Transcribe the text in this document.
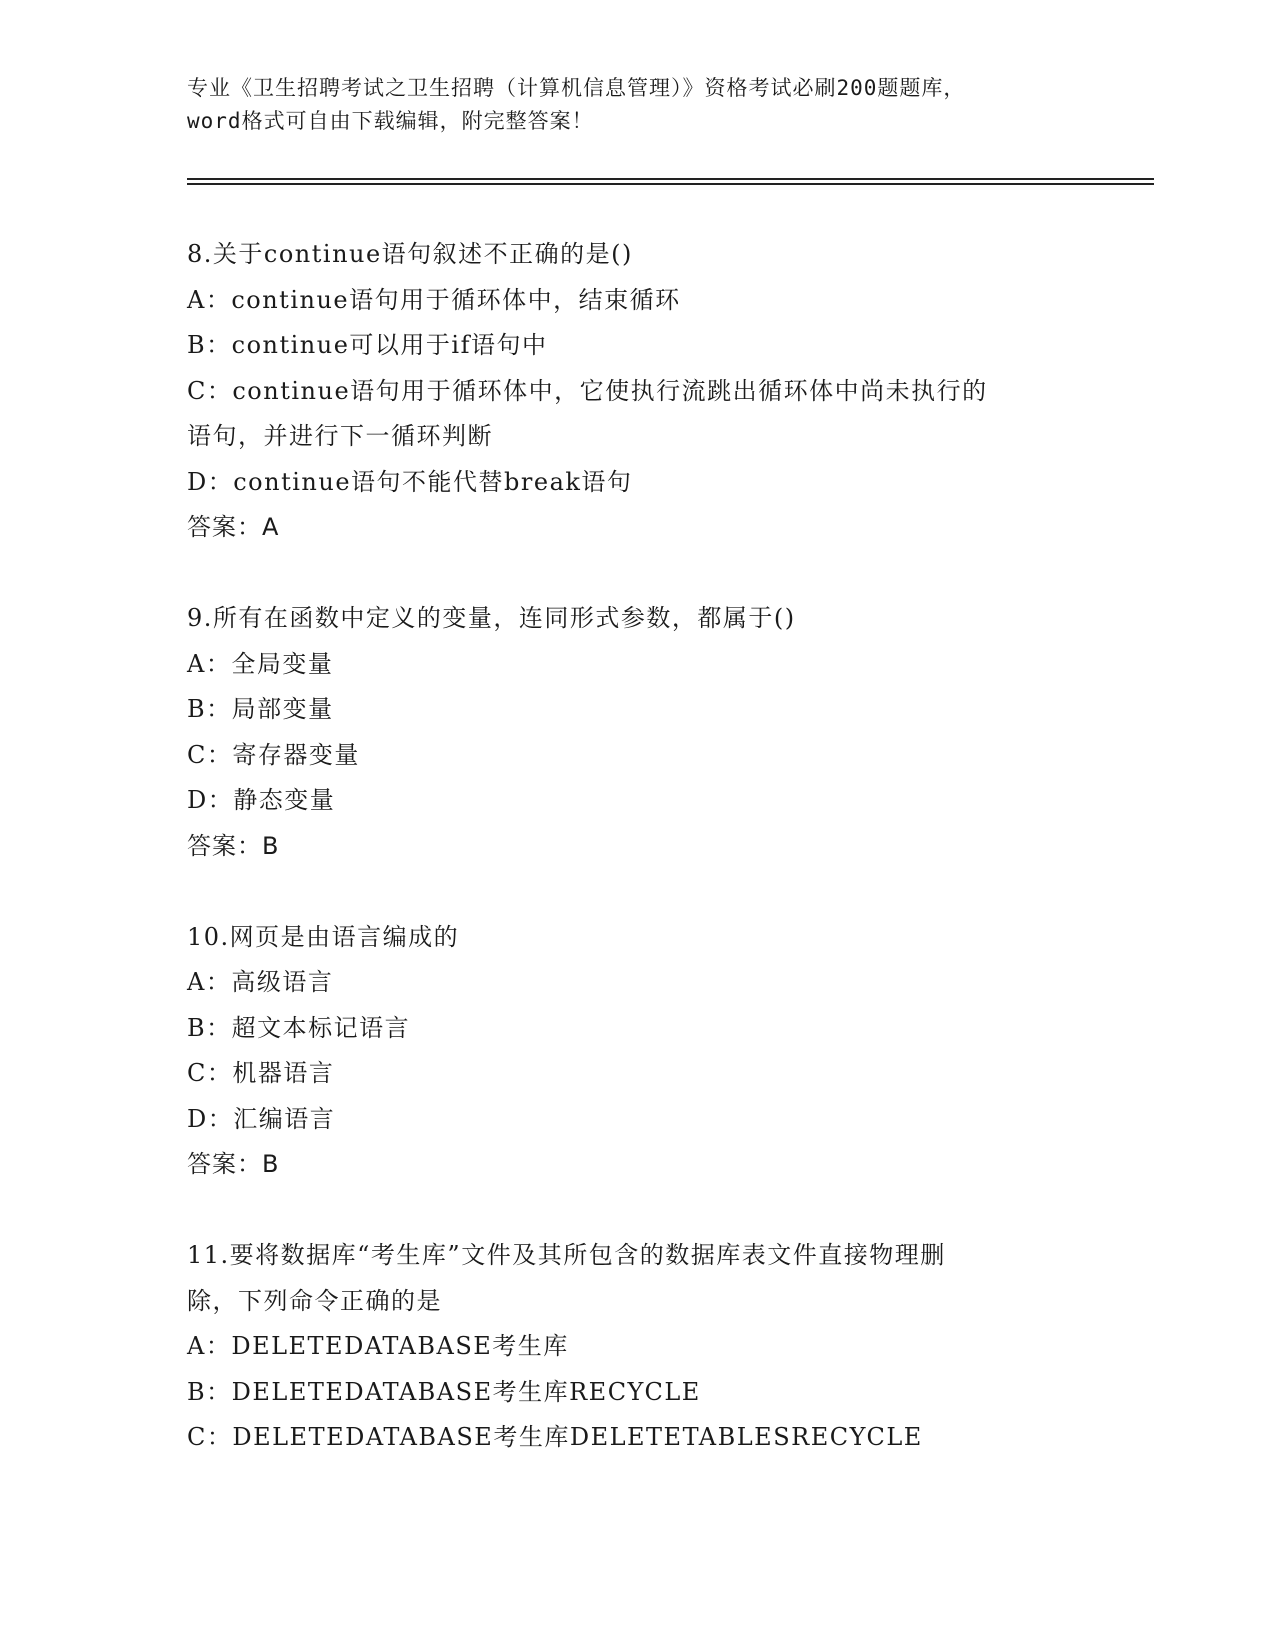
专业《卫生招聘考试之卫生招聘（计算机信息管理）》资格考试必刷200题题库，
word格式可自由下载编辑，附完整答案！
8.关于continue语句叙述不正确的是()
A：continue语句用于循环体中，结束循环
B：continue可以用于if语句中
C：continue语句用于循环体中，它使执行流跳出循环体中尚未执行的
语句，并进行下一循环判断
D：continue语句不能代替break语句
答案：A
9.所有在函数中定义的变量，连同形式参数，都属于()
A：全局变量
B：局部变量
C：寄存器变量
D：静态变量
答案：B
10.网页是由语言编成的
A：高级语言
B：超文本标记语言
C：机器语言
D：汇编语言
答案：B
11.要将数据库“考生库”文件及其所包含的数据库表文件直接物理删
除，下列命令正确的是
A：DELETEDATABASE考生库
B：DELETEDATABASE考生库RECYCLE
C：DELETEDATABASE考生库DELETETABLESRECYCLE
